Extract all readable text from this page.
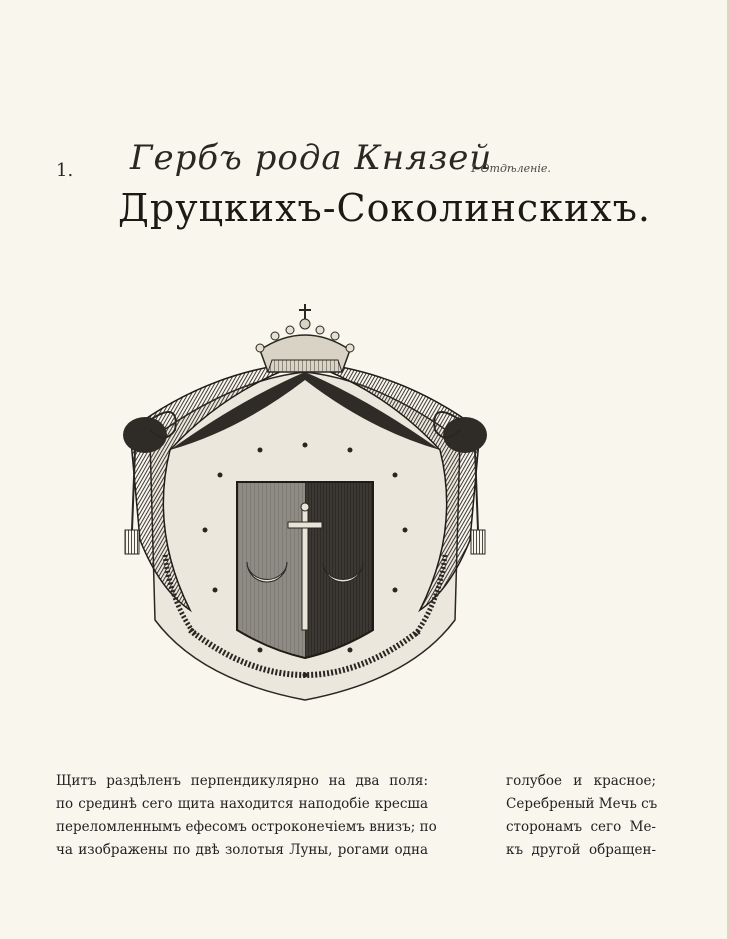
1. Гербъ рода Князей
1 Отдѣленіе.
Друцкихъ-Соколинскихъ.
Щитъ раздѣленъ перпендикулярно на два поля:	голубое и красное;
по срединѣ сего щита находится наподобіе кресша	Серебреный Мечь съ
переломленнымъ ефесомъ остроконечіемъ внизъ; по	сторонамъ сего Ме-
ча изображены по двѣ золотыя Луны, рогами одна	къ другой обращен-
